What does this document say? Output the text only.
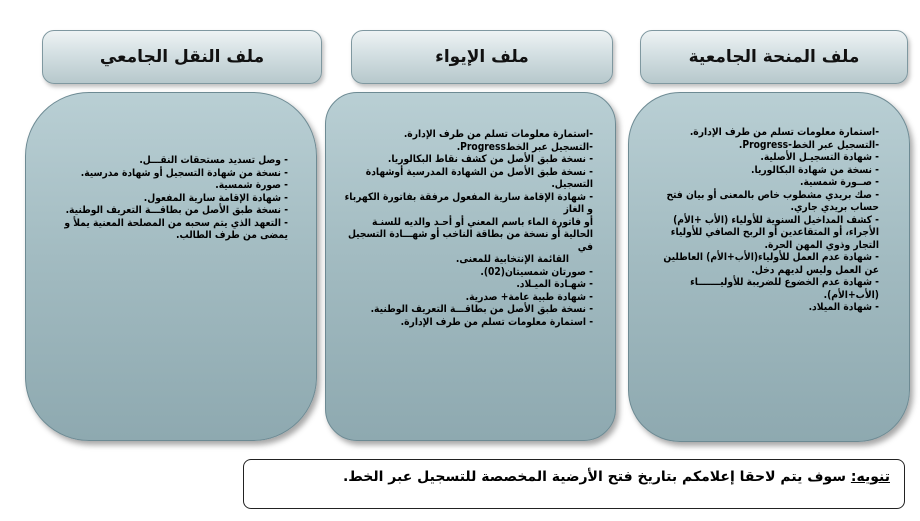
ملف المنحة الجامعية
ملف الإيواء
ملف النقل الجامعي
-استمارة معلومات تسلم من طرف الإدارة.
-التسجيل عبر الخط-Progress.
- شهادة التسجيـل الأصلية.
- نسخة من شهادة البكالوريا.
- صــورة شمسية.
- صك بريدي مشطوب خاص بالمعنى أو بيان فتح حساب بريدي جاري.
- كشف المداخيل السنوية للأولياء (الأب +الأم) الأجراء، أو المتقاعدين أو الربح الصافي للأولياء التجار وذوي المهن الحرة.
- شهادة عدم العمل للأولياء(الأب+الأم) العاطلين عن العمل وليس لديهم دخل.
- شهادة عدم الخضوع للضريبة للأوليـــــــاء (الأب+الأم).
- شهادة الميلاد.
-استمارة معلومات تسلم من طرف الإدارة.
-التسجيل عبر الخطProgress.
- نسخة طبق الأصل من كشف نقاط البكالوريا.
- نسخة طبق الأصل من الشهادة المدرسية أوشهادة التسجيل.
- شهادة الإقامة سارية المفعول مرفقة بفاتورة الكهرباء و الغاز
أو فاتورة الماء باسم المعني أو أحـد والديه للسنـة الحالية أو نسخة من بطاقة الناخب أو شهـــادة التسجيل في
القائمة الإنتخابية للمعنى.
- صورتان شمسيتان(02).
- شهـادة الميـلاد.
- شهادة طبية عامة+ صدرية.
- نسخة طبق الأصل من بطاقـــة التعريف الوطنية.
- استمارة معلومات تسلم من طرف الإدارة.
- وصل تسديد مستحقات النقـــل.
- نسخة من شهادة التسجيل أو شهادة مدرسية.
- صورة شمسية.
- شهادة الإقامة سارية المفعول.
- نسخة طبق الأصل من بطاقـــة التعريف الوطنية.
- التعهد الذي يتم سحبه من المصلحة المعنية يملأ و يمضى من طرف الطالب.
تنويه: سوف يتم لاحقا إعلامكم بتاريخ فتح الأرضية المخصصة للتسجيل عبر الخط.
